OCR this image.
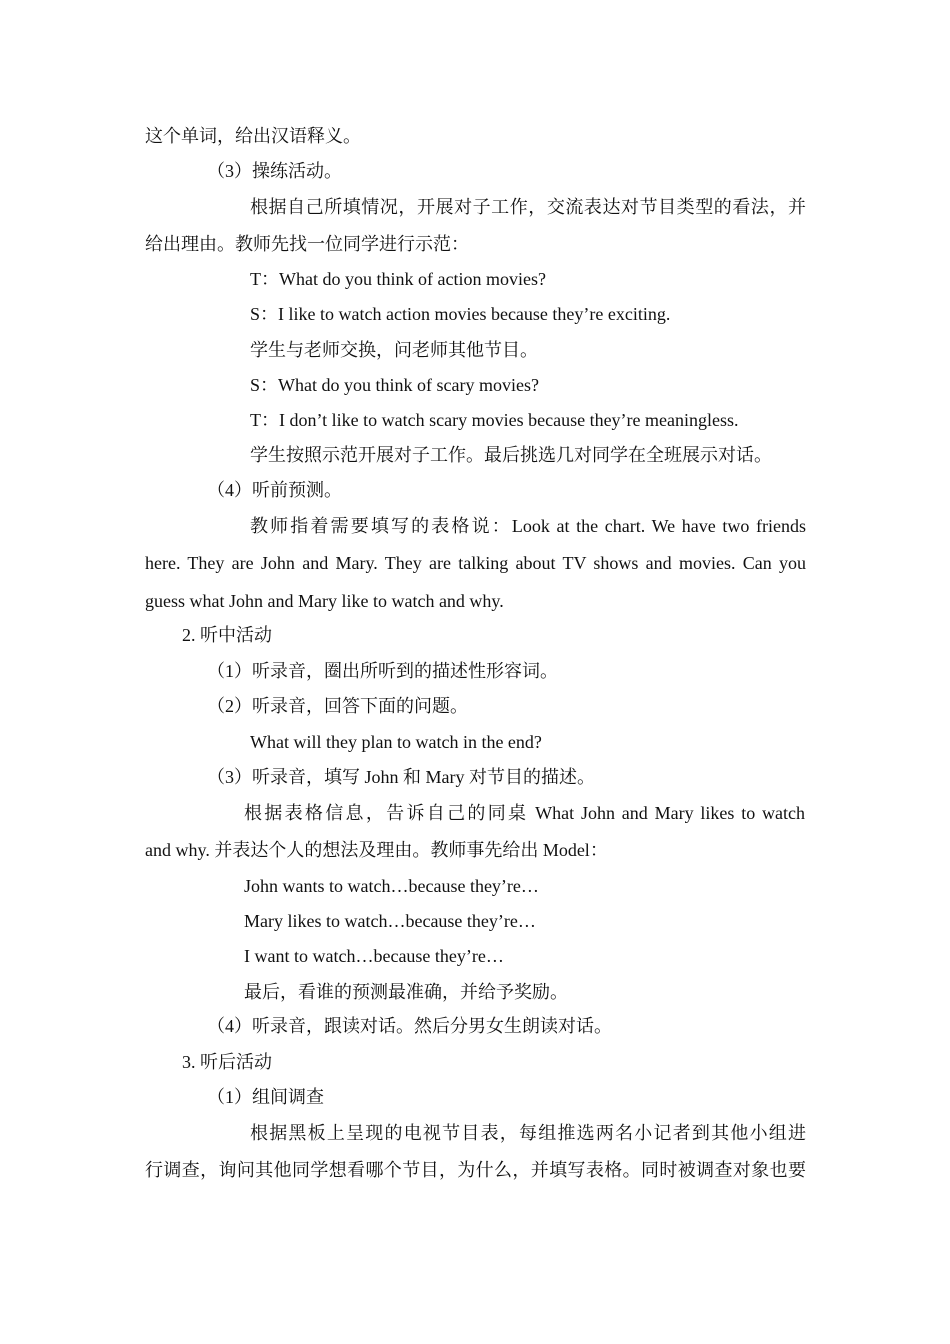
这个单词，给出汉语释义。

（3）操练活动。

根据自己所填情况，开展对子工作，交流表达对节目类型的看法，并

给出理由。教师先找一位同学进行示范：

T：What do you think of action movies?

S：I like to watch action movies because they’re exciting.

学生与老师交换，问老师其他节目。

S：What do you think of scary movies?

T：I don’t like to watch scary movies because they’re meaningless.

学生按照示范开展对子工作。最后挑选几对同学在全班展示对话。

（4）听前预测。

教师指着需要填写的表格说：Look at the chart. We have two friends

here. They are John and Mary. They are talking about TV shows and movies. Can you

guess what John and Mary like to watch and why.

2. 听中活动

（1）听录音，圈出所听到的描述性形容词。

（2）听录音，回答下面的问题。

What will they plan to watch in the end?

（3）听录音，填写 John 和 Mary 对节目的描述。

根据表格信息，告诉自己的同桌 What John and Mary likes to watch

and why. 并表达个人的想法及理由。教师事先给出 Model：

John wants to watch…because they’re…

Mary likes to watch…because they’re…

I want to watch…because they’re…

最后，看谁的预测最准确，并给予奖励。

（4）听录音，跟读对话。然后分男女生朗读对话。

3. 听后活动

（1）组间调查

根据黑板上呈现的电视节目表，每组推选两名小记者到其他小组进

行调查，询问其他同学想看哪个节目，为什么，并填写表格。同时被调查对象也要
